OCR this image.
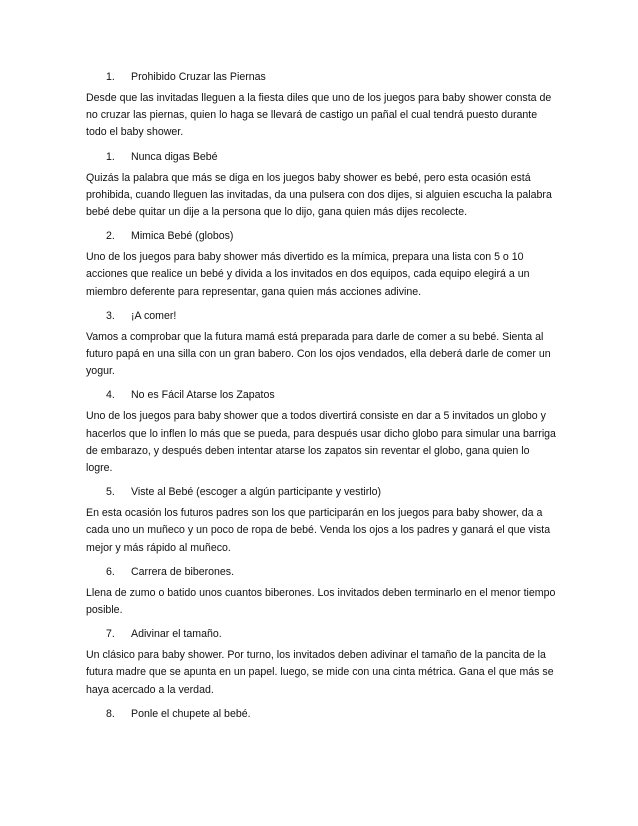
1.	Prohibido Cruzar las Piernas

Desde que las invitadas lleguen a la fiesta diles que uno de los juegos para baby shower consta de no cruzar las piernas, quien lo haga se llevará de castigo un pañal el cual tendrá puesto durante todo el baby shower.

1.	Nunca digas Bebé

Quizás la palabra que más se diga en los juegos baby shower es bebé, pero esta ocasión está prohibida, cuando lleguen las invitadas, da una pulsera con dos dijes, si alguien escucha la palabra bebé debe quitar un dije a la persona que lo dijo, gana quien más dijes recolecte.

2.	Mimica Bebé (globos)

Uno de los juegos para baby shower más divertido es la mímica, prepara una lista con 5 o 10 acciones que realice un bebé y divida a los invitados en dos equipos, cada equipo elegirá a un miembro deferente para representar, gana quien más acciones adivine.

3.	¡A comer!

Vamos a comprobar que la futura mamá está preparada para darle de comer a su bebé. Sienta al futuro papá en una silla con un gran babero. Con los ojos vendados, ella deberá darle de comer un yogur.

4.	No es Fácil Atarse los Zapatos

Uno de los juegos para baby shower que a todos divertirá consiste en dar a 5 invitados un globo y hacerlos que lo inflen lo más que se pueda, para después usar dicho globo para simular una barriga de embarazo, y después deben intentar atarse los zapatos sin reventar el globo, gana quien lo logre.

5.	Viste al Bebé (escoger a algún participante y vestirlo)

En esta ocasión los futuros padres son los que participarán en los juegos para baby shower, da a cada uno un muñeco y un poco de ropa de bebé. Venda los ojos a los padres y ganará el que vista mejor y más rápido al muñeco.

6.	Carrera de biberones.

Llena de zumo o batido unos cuantos biberones. Los invitados deben terminarlo en el menor tiempo posible.

7.	Adivinar el tamaño.

Un clásico para baby shower. Por turno, los invitados deben adivinar el tamaño de la pancita de la futura madre que se apunta en un papel. luego, se mide con una cinta métrica. Gana el que más se haya acercado a la verdad.

8.	Ponle el chupete al bebé.
